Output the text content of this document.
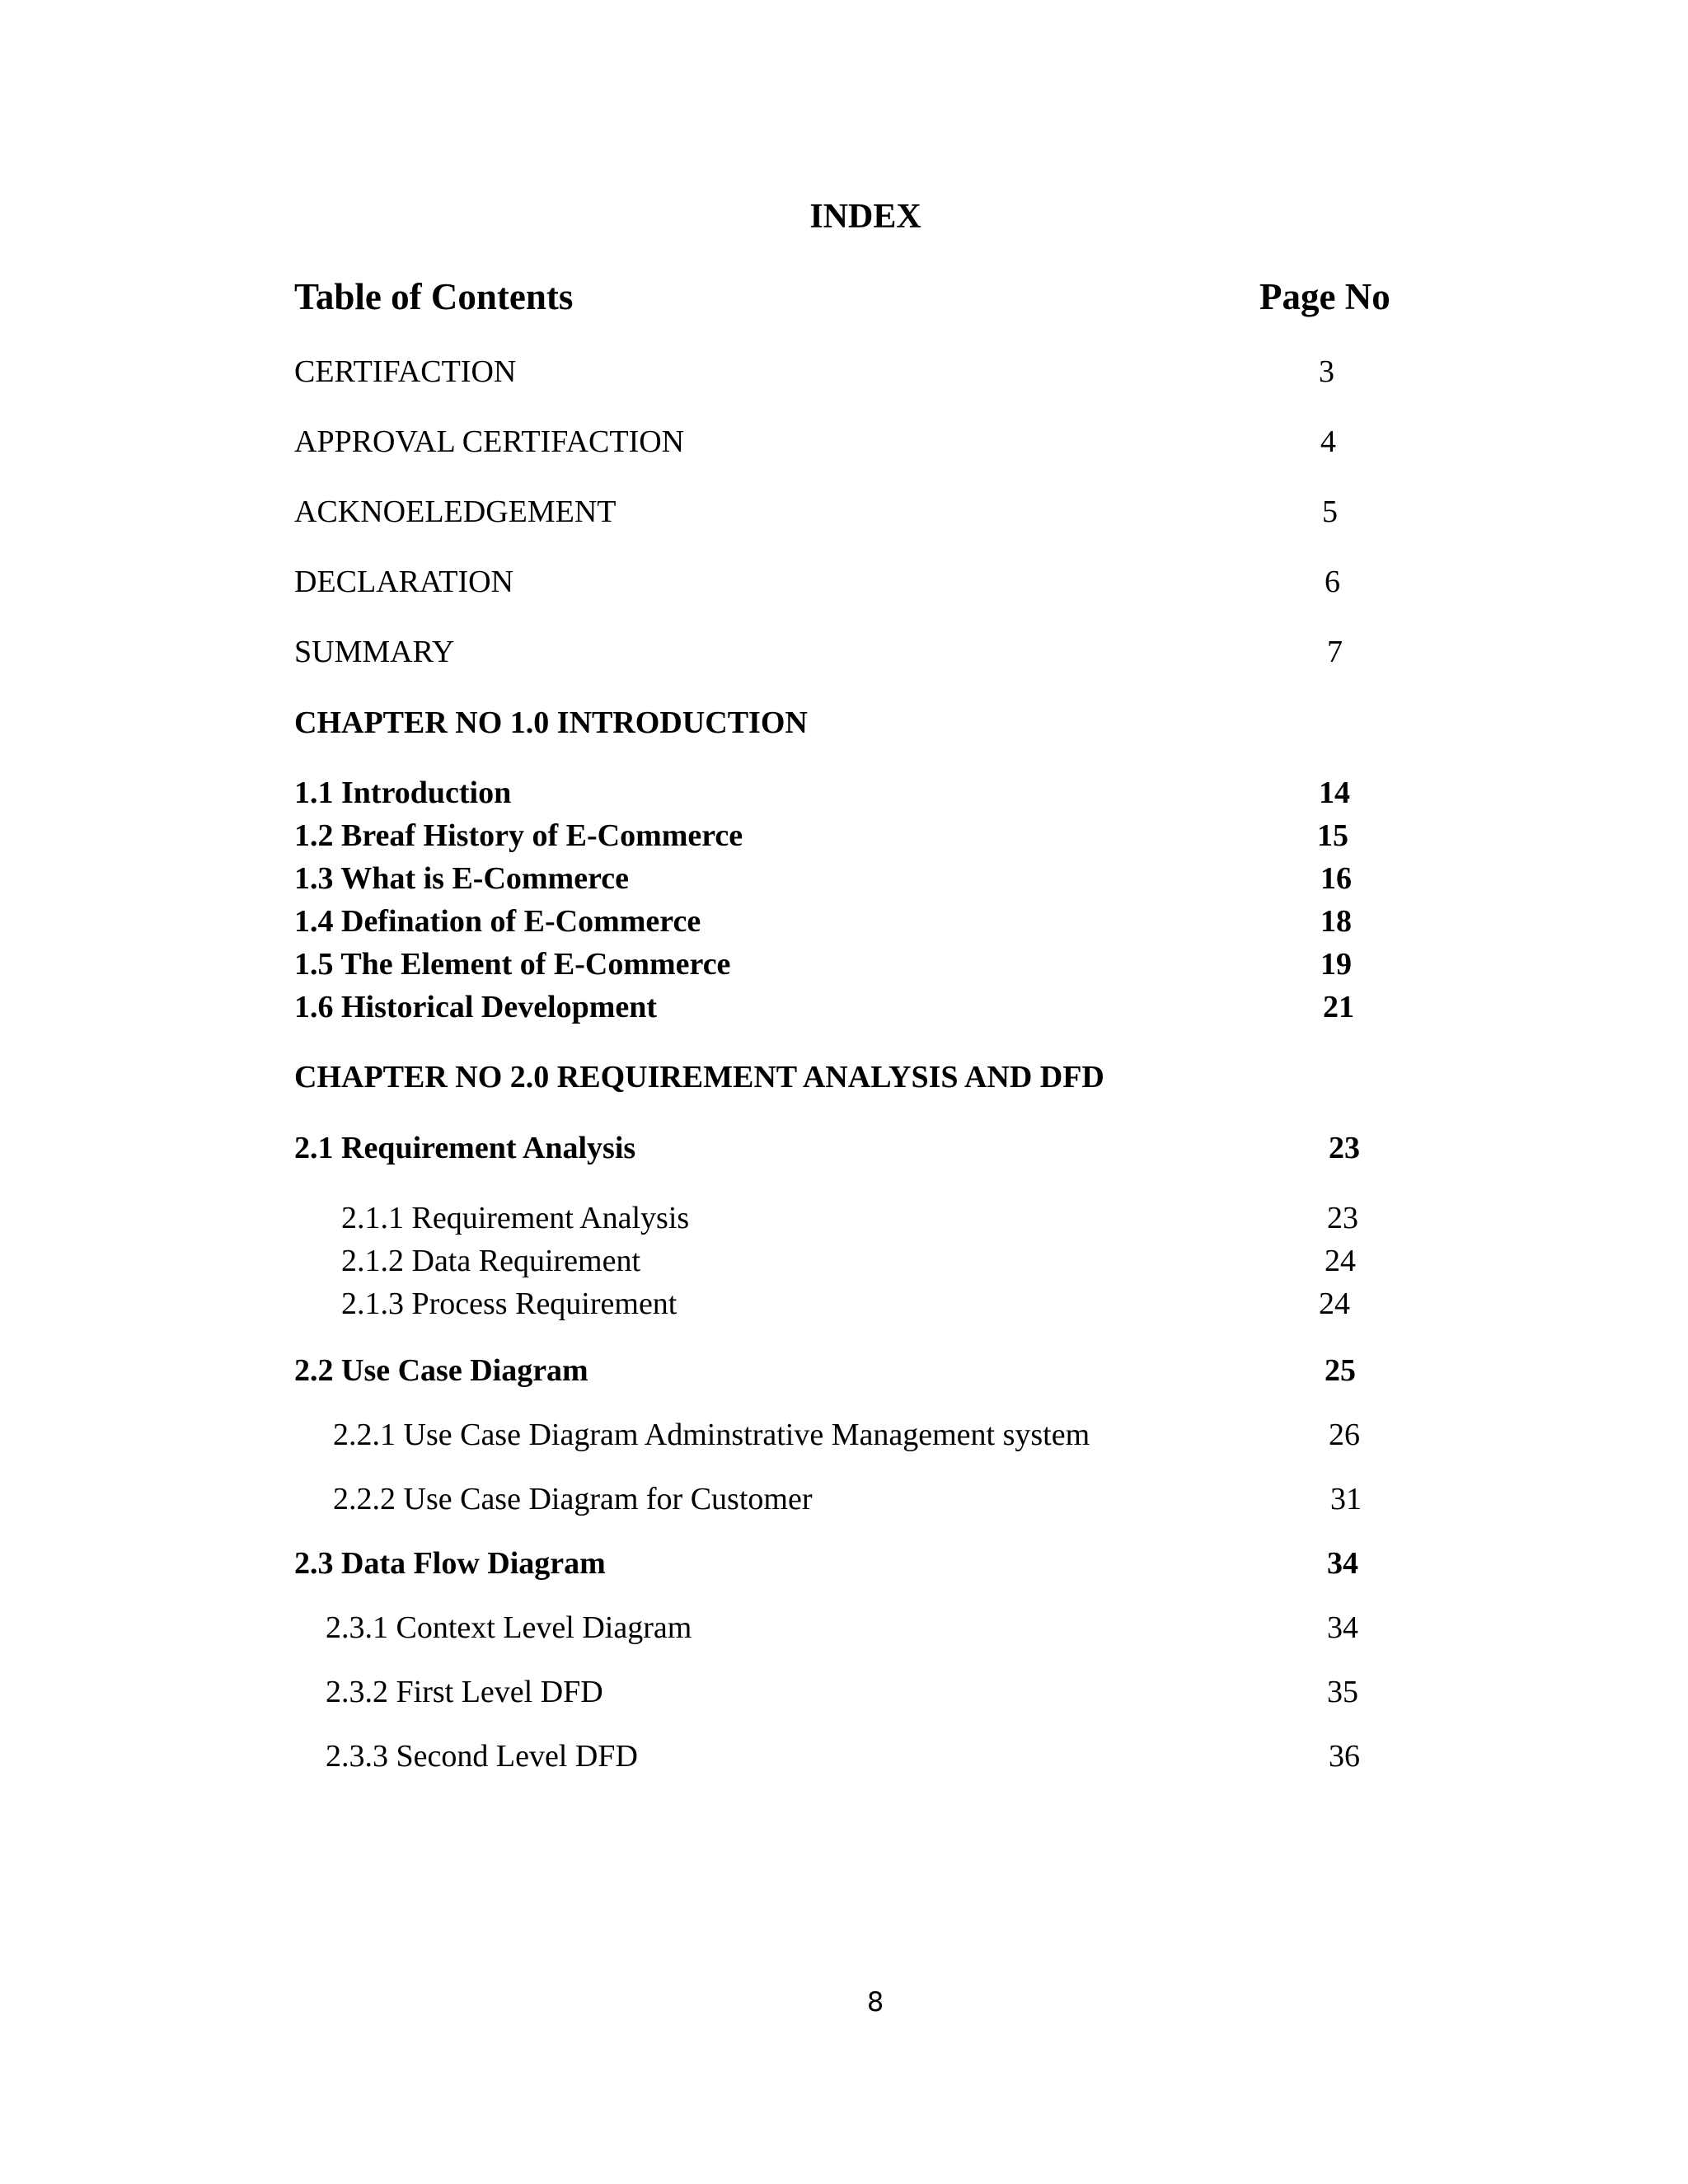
INDEX
Table of Contents	Page No
CERTIFACTION	3
APPROVAL CERTIFACTION	4
ACKNOELEDGEMENT	5
DECLARATION	6
SUMMARY	7
CHAPTER NO 1.0 INTRODUCTION
1.1 Introduction	14
1.2 Breaf History of E-Commerce	15
1.3 What is E-Commerce	16
1.4 Defination of E-Commerce	18
1.5 The Element of E-Commerce	19
1.6 Historical Development	21
CHAPTER NO 2.0 REQUIREMENT ANALYSIS AND DFD
2.1 Requirement Analysis	23
2.1.1 Requirement Analysis	23
2.1.2 Data Requirement	24
2.1.3 Process Requirement	24
2.2 Use Case Diagram	25
2.2.1 Use Case Diagram Adminstrative Management system	26
2.2.2 Use Case Diagram for Customer	31
2.3 Data Flow Diagram	34
2.3.1 Context Level Diagram	34
2.3.2 First Level DFD	35
2.3.3 Second Level DFD	36
8
